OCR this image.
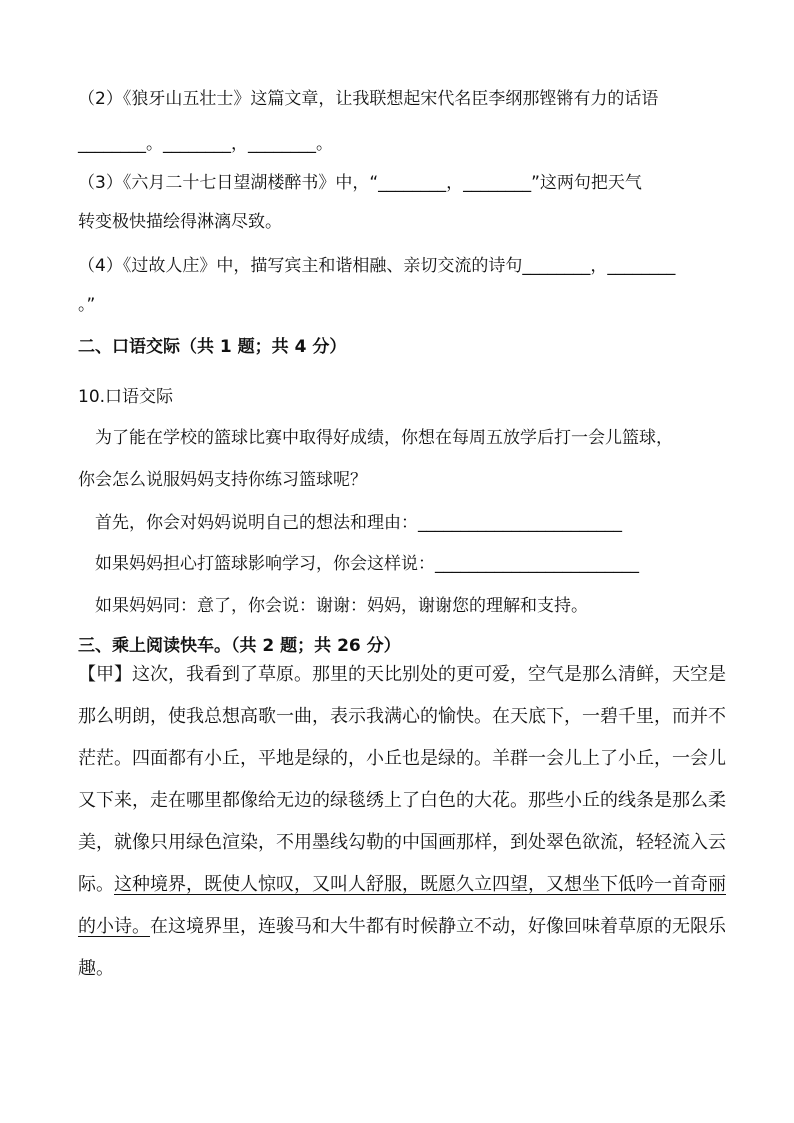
（2）《狼牙山五壮士》这篇文章，让我联想起宋代名臣李纲那铿锵有力的话语
________。________，________。
（3）《六月二十七日望湖楼醉书》中，“________，________”这两句把天气
转变极快描绘得淋漓尽致。
（4）《过故人庄》中，描写宾主和谐相融、亲切交流的诗句________，________
。”
二、口语交际（共 1 题；共 4 分）
10.口语交际
为了能在学校的篮球比赛中取得好成绩，你想在每周五放学后打一会儿篮球，
你会怎么说服妈妈支持你练习篮球呢？
首先，你会对妈妈说明自己的想法和理由：________________________
如果妈妈担心打篮球影响学习，你会这样说：________________________
如果妈妈同：意了，你会说：谢谢：妈妈，谢谢您的理解和支持。
三、乘上阅读快车。（共 2 题；共 26 分）
【甲】这次，我看到了草原。那里的天比别处的更可爱，空气是那么清鲜，天空是那么明朗，使我总想高歌一曲，表示我满心的愉快。在天底下，一碧千里，而并不茫茫。四面都有小丘，平地是绿的，小丘也是绿的。羊群一会儿上了小丘，一会儿又下来，走在哪里都像给无边的绿毯绣上了白色的大花。那些小丘的线条是那么柔美，就像只用绿色渲染，不用墨线勾勒的中国画那样，到处翠色欲流，轻轻流入云际。这种境界，既使人惊叹，又叫人舒服，既愿久立四望，又想坐下低吟一首奇丽的小诗。在这境界里，连骏马和大牛都有时候静立不动，好像回味着草原的无限乐趣。
